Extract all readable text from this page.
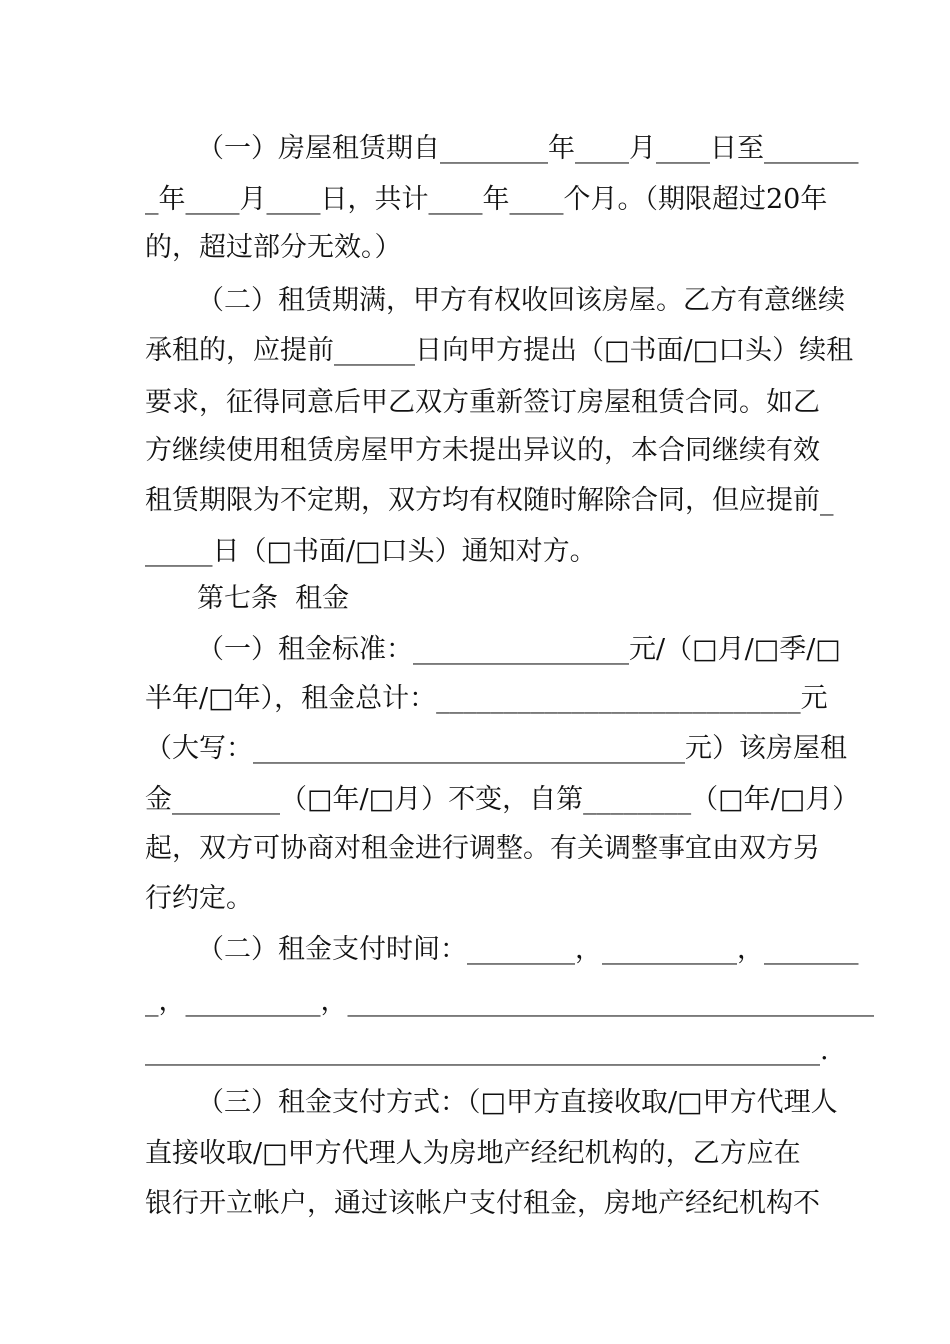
（一）房屋租赁期自________年____月____日至_______
_年____月____日，共计____年____个月。（期限超过20年
的，超过部分无效。）
（二）租赁期满，甲方有权收回该房屋。乙方有意继续
承租的，应提前______日向甲方提出（□书面/□口头）续租
要求，征得同意后甲乙双方重新签订房屋租赁合同。如乙
方继续使用租赁房屋甲方未提出异议的，本合同继续有效
租赁期限为不定期，双方均有权随时解除合同，但应提前_
_____日（□书面/□口头）通知对方。
第七条  租金
（一）租金标准：________________元/（□月/□季/□
半年/□年），租金总计：___________________________元
（大写：________________________________元）该房屋租
金________（□年/□月）不变，自第________（□年/□月）
起，双方可协商对租金进行调整。有关调整事宜由双方另
行约定。
（二）租金支付时间：________，__________，_______
_，__________，_______________________________________
__________________________________________________.
（三）租金支付方式：（□甲方直接收取/□甲方代理人
直接收取/□甲方代理人为房地产经纪机构的，乙方应在
银行开立帐户，通过该帐户支付租金，房地产经纪机构不
